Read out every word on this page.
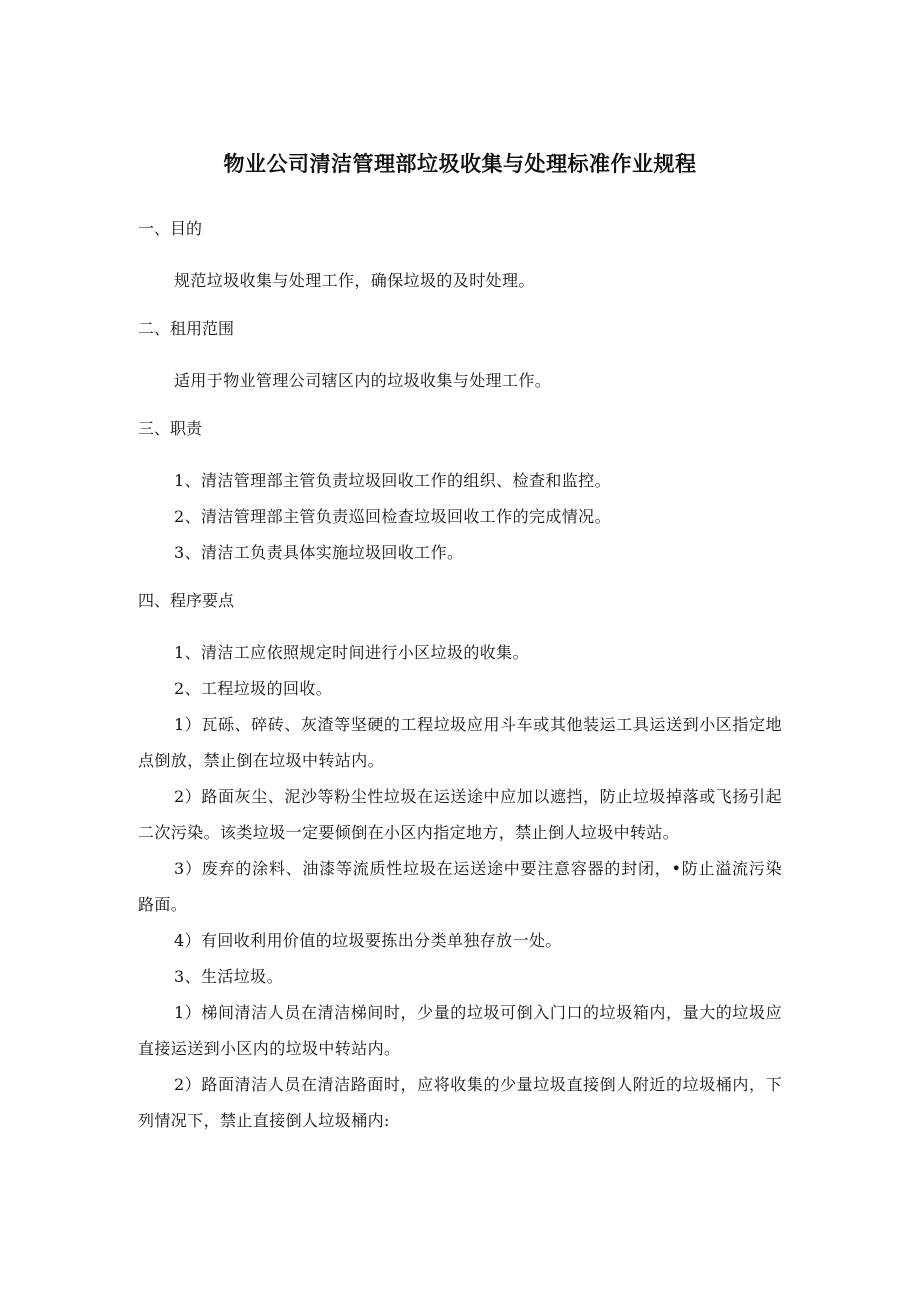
物业公司清洁管理部垃圾收集与处理标准作业规程

一、目的

规范垃圾收集与处理工作，确保垃圾的及时处理。

二、租用范围

适用于物业管理公司辖区内的垃圾收集与处理工作。

三、职责

1、清洁管理部主管负责垃圾回收工作的组织、检查和监控。

2、清洁管理部主管负责巡回检查垃圾回收工作的完成情况。

3、清洁工负责具体实施垃圾回收工作。

四、程序要点

1、清洁工应依照规定时间进行小区垃圾的收集。

2、工程垃圾的回收。

1）瓦砾、碎砖、灰渣等坚硬的工程垃圾应用斗车或其他装运工具运送到小区指定地点倒放，禁止倒在垃圾中转站内。

2）路面灰尘、泥沙等粉尘性垃圾在运送途中应加以遮挡，防止垃圾掉落或飞扬引起二次污染。该类垃圾一定要倾倒在小区内指定地方，禁止倒人垃圾中转站。

3）废弃的涂料、油漆等流质性垃圾在运送途中要注意容器的封闭，•防止溢流污染路面。

4）有回收利用价值的垃圾要拣出分类单独存放一处。

3、生活垃圾。

1）梯间清洁人员在清洁梯间时，少量的垃圾可倒入门口的垃圾箱内，量大的垃圾应直接运送到小区内的垃圾中转站内。

2）路面清洁人员在清洁路面时，应将收集的少量垃圾直接倒人附近的垃圾桶内，下列情况下，禁止直接倒人垃圾桶内:
